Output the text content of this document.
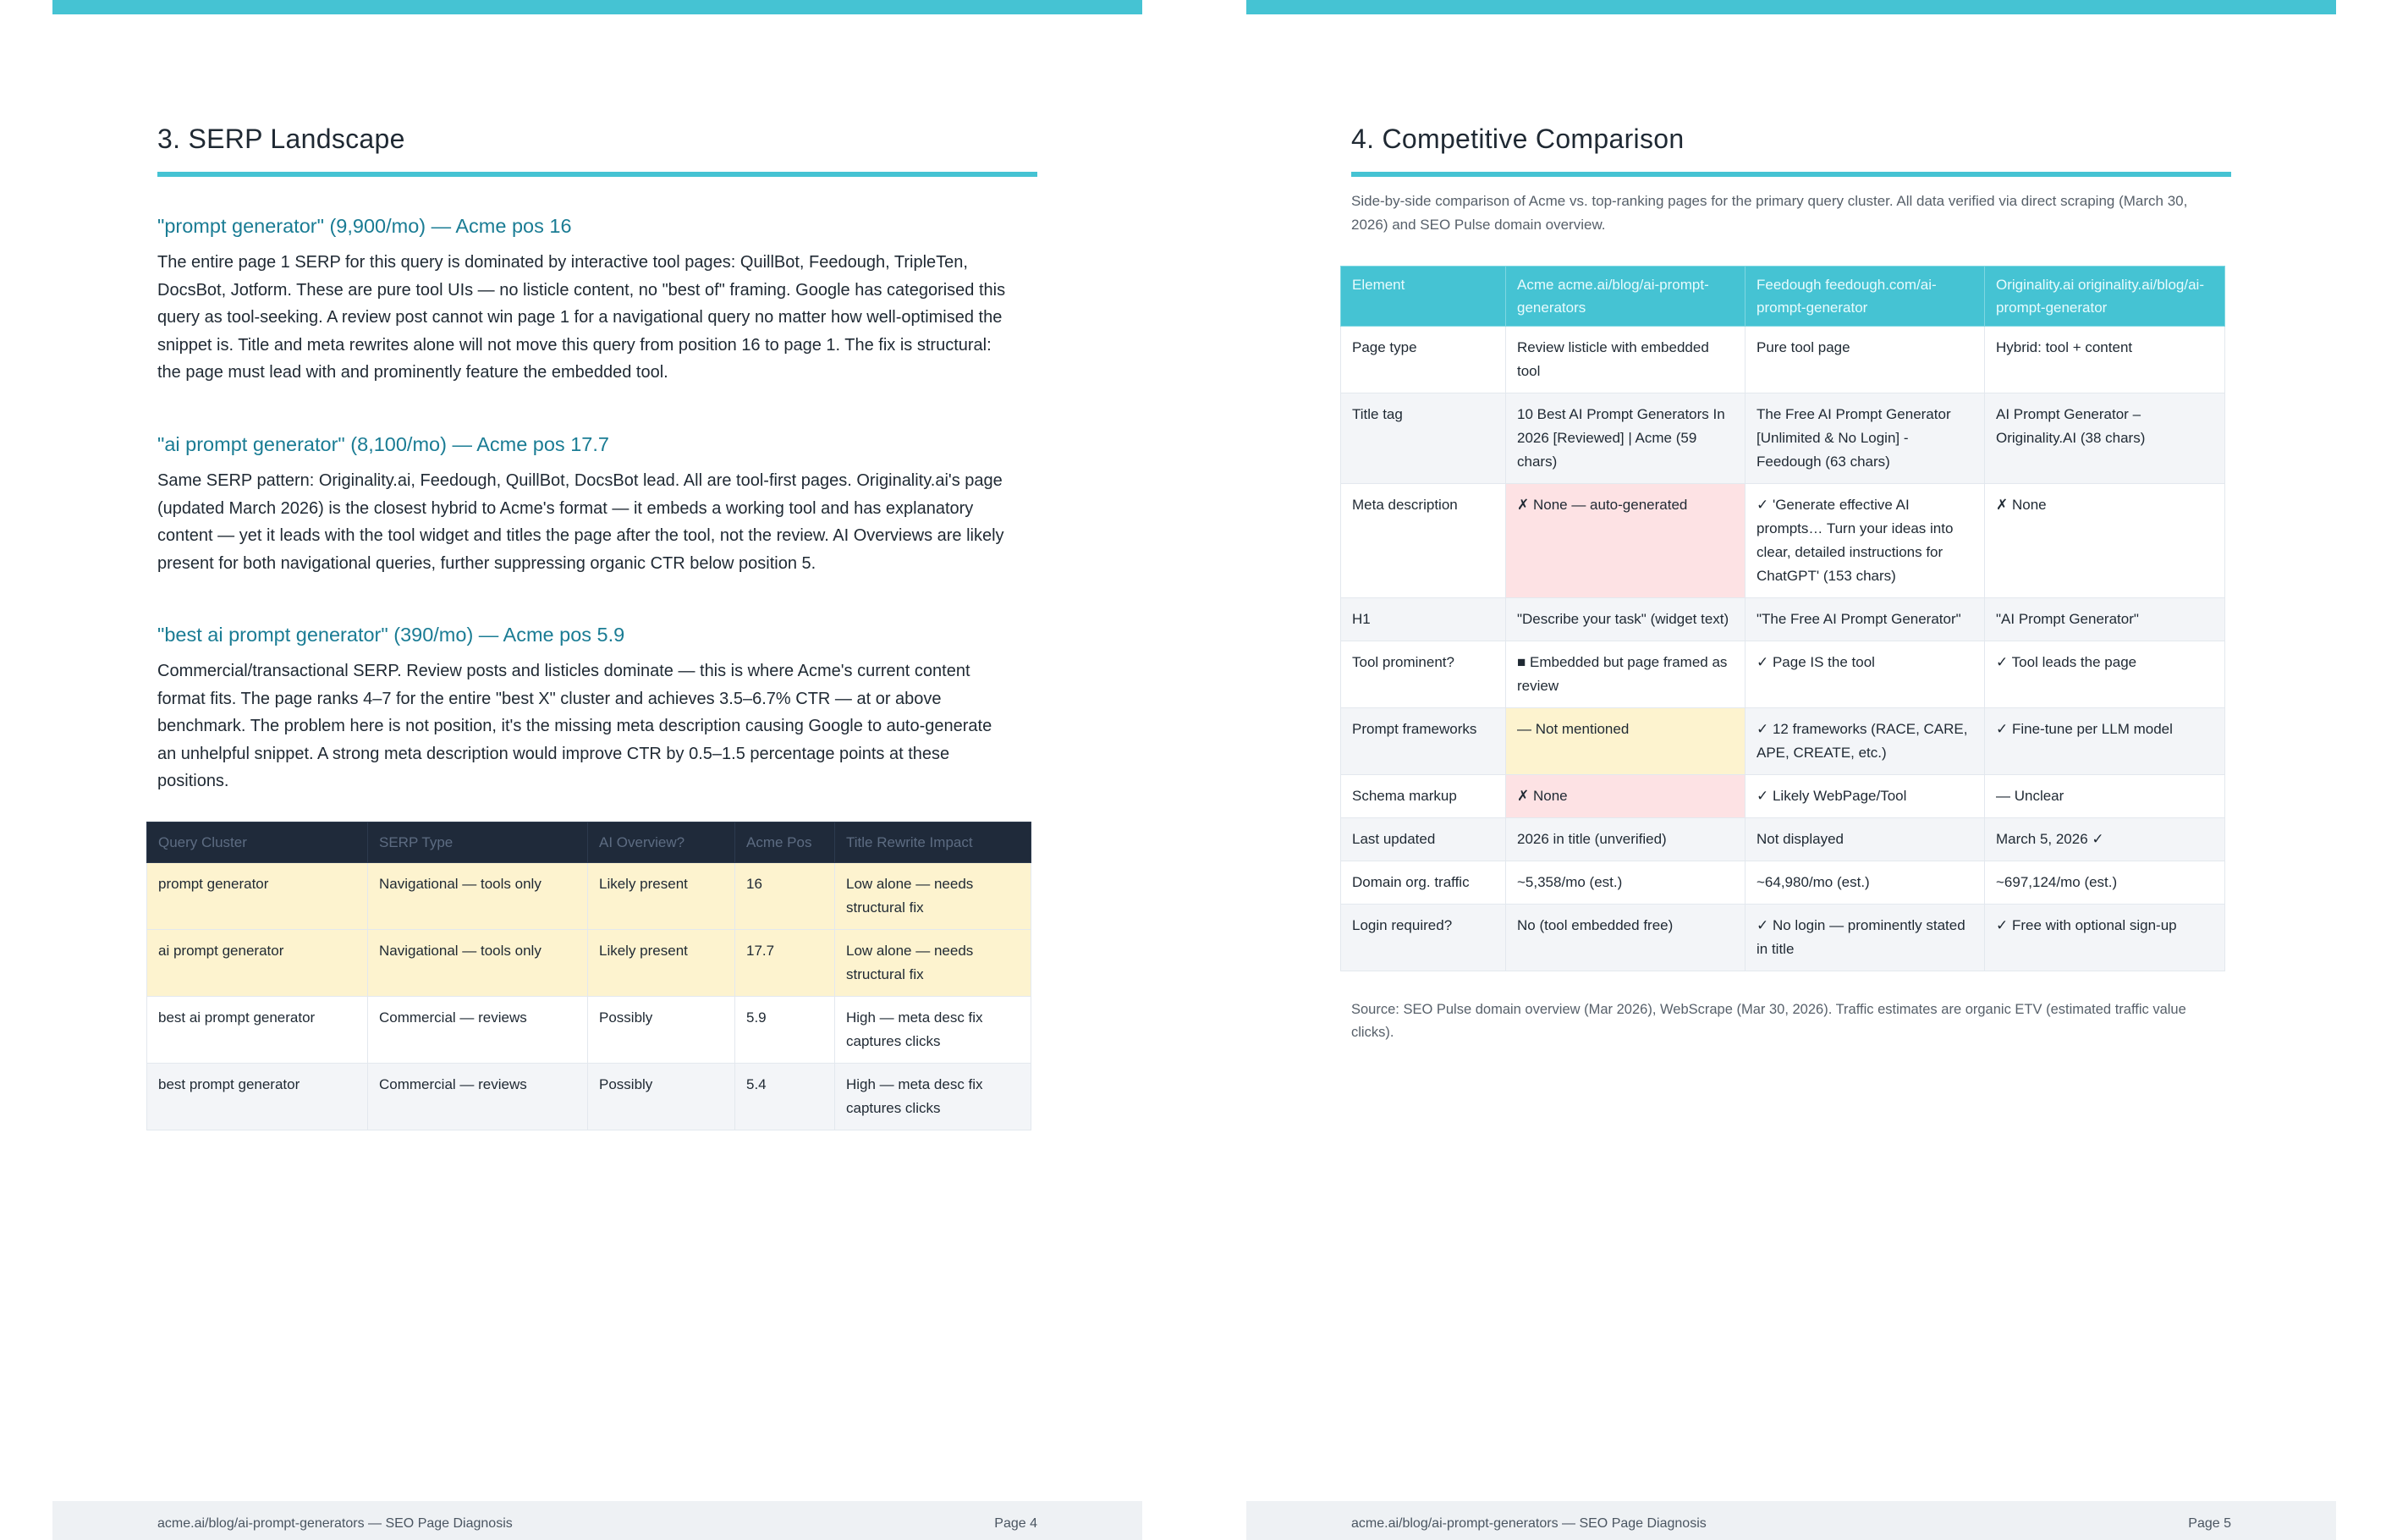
3. SERP Landscape
"prompt generator" (9,900/mo) — Acme pos 16
The entire page 1 SERP for this query is dominated by interactive tool pages: QuillBot, Feedough, TripleTen, DocsBot, Jotform. These are pure tool UIs — no listicle content, no "best of" framing. Google has categorised this query as tool-seeking. A review post cannot win page 1 for a navigational query no matter how well-optimised the snippet is. Title and meta rewrites alone will not move this query from position 16 to page 1. The fix is structural: the page must lead with and prominently feature the embedded tool.
"ai prompt generator" (8,100/mo) — Acme pos 17.7
Same SERP pattern: Originality.ai, Feedough, QuillBot, DocsBot lead. All are tool-first pages. Originality.ai's page (updated March 2026) is the closest hybrid to Acme's format — it embeds a working tool and has explanatory content — yet it leads with the tool widget and titles the page after the tool, not the review. AI Overviews are likely present for both navigational queries, further suppressing organic CTR below position 5.
"best ai prompt generator" (390/mo) — Acme pos 5.9
Commercial/transactional SERP. Review posts and listicles dominate — this is where Acme's current content format fits. The page ranks 4–7 for the entire "best X" cluster and achieves 3.5–6.7% CTR — at or above benchmark. The problem here is not position, it's the missing meta description causing Google to auto-generate an unhelpful snippet. A strong meta description would improve CTR by 0.5–1.5 percentage points at these positions.
Query Cluster	SERP Type	AI Overview?	Acme Pos	Title Rewrite Impact
prompt generator	Navigational — tools only	Likely present	16	Low alone — needs structural fix
ai prompt generator	Navigational — tools only	Likely present	17.7	Low alone — needs structural fix
best ai prompt generator	Commercial — reviews	Possibly	5.9	High — meta desc fix captures clicks
best prompt generator	Commercial — reviews	Possibly	5.4	High — meta desc fix captures clicks
acme.ai/blog/ai-prompt-generators — SEO Page Diagnosis	Page 4
4. Competitive Comparison
Side-by-side comparison of Acme vs. top-ranking pages for the primary query cluster. All data verified via direct scraping (March 30, 2026) and SEO Pulse domain overview.
Element	Acme acme.ai/blog/ai-prompt-generators	Feedough feedough.com/ai-prompt-generator	Originality.ai originality.ai/blog/ai-prompt-generator
Page type	Review listicle with embedded tool	Pure tool page	Hybrid: tool + content
Title tag	10 Best AI Prompt Generators In 2026 [Reviewed] | Acme (59 chars)	The Free AI Prompt Generator [Unlimited & No Login] - Feedough (63 chars)	AI Prompt Generator – Originality.AI (38 chars)
Meta description	✗ None — auto-generated	✓ 'Generate effective AI prompts… Turn your ideas into clear, detailed instructions for ChatGPT' (153 chars)	✗ None
H1	"Describe your task" (widget text)	"The Free AI Prompt Generator"	"AI Prompt Generator"
Tool prominent?	■ Embedded but page framed as review	✓ Page IS the tool	✓ Tool leads the page
Prompt frameworks	— Not mentioned	✓ 12 frameworks (RACE, CARE, APE, CREATE, etc.)	✓ Fine-tune per LLM model
Schema markup	✗ None	✓ Likely WebPage/Tool	— Unclear
Last updated	2026 in title (unverified)	Not displayed	March 5, 2026 ✓
Domain org. traffic	~5,358/mo (est.)	~64,980/mo (est.)	~697,124/mo (est.)
Login required?	No (tool embedded free)	✓ No login — prominently stated in title	✓ Free with optional sign-up
Source: SEO Pulse domain overview (Mar 2026), WebScrape (Mar 30, 2026). Traffic estimates are organic ETV (estimated traffic value clicks).
acme.ai/blog/ai-prompt-generators — SEO Page Diagnosis	Page 5
